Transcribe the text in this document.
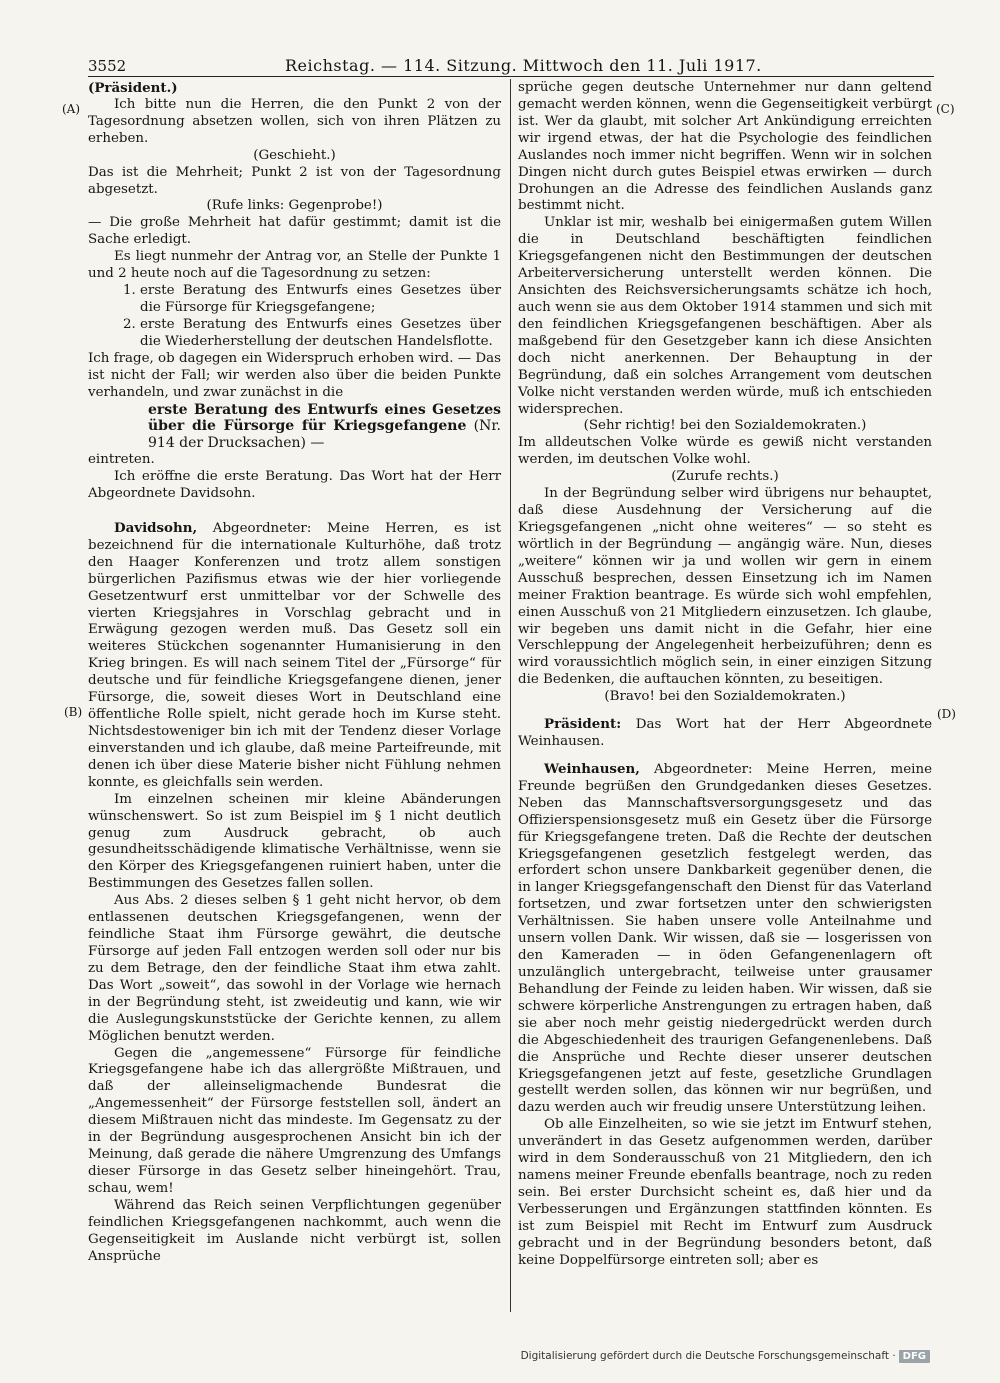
3552	Reichstag. — 114. Sitzung. Mittwoch den 11. Juli 1917.
(A)
(B)
(C)
(D)

(Präsident.)

Ich bitte nun die Herren, die den Punkt 2 von der Tagesordnung absetzen wollen, sich von ihren Plätzen zu erheben.

(Geschieht.)

Das ist die Mehrheit; Punkt 2 ist von der Tagesordnung abgesetzt.

(Rufe links: Gegenprobe!)

— Die große Mehrheit hat dafür gestimmt; damit ist die Sache erledigt.

Es liegt nunmehr der Antrag vor, an Stelle der Punkte 1 und 2 heute noch auf die Tagesordnung zu setzen:

1. erste Beratung des Entwurfs eines Gesetzes über die Fürsorge für Kriegsgefangene;
2. erste Beratung des Entwurfs eines Gesetzes über die Wiederherstellung der deutschen Handelsflotte.

Ich frage, ob dagegen ein Widerspruch erhoben wird. — Das ist nicht der Fall; wir werden also über die beiden Punkte verhandeln, und zwar zunächst in die

erste Beratung des Entwurfs eines Gesetzes über die Fürsorge für Kriegsgefangene (Nr. 914 der Drucksachen) —

eintreten.

Ich eröffne die erste Beratung. Das Wort hat der Herr Abgeordnete Davidsohn.

Davidsohn, Abgeordneter: Meine Herren, es ist bezeichnend für die internationale Kulturhöhe, daß trotz den Haager Konferenzen und trotz allem sonstigen bürgerlichen Pazifismus etwas wie der hier vorliegende Gesetzentwurf erst unmittelbar vor der Schwelle des vierten Kriegsjahres in Vorschlag gebracht und in Erwägung gezogen werden muß. Das Gesetz soll ein weiteres Stückchen sogenannter Humanisierung in den Krieg bringen. Es will nach seinem Titel der „Fürsorge“ für deutsche und für feindliche Kriegsgefangene dienen, jener Fürsorge, die, soweit dieses Wort in Deutschland eine öffentliche Rolle spielt, nicht gerade hoch im Kurse steht. Nichtsdestoweniger bin ich mit der Tendenz dieser Vorlage einverstanden und ich glaube, daß meine Parteifreunde, mit denen ich über diese Materie bisher nicht Fühlung nehmen konnte, es gleichfalls sein werden.

Im einzelnen scheinen mir kleine Abänderungen wünschenswert. So ist zum Beispiel im § 1 nicht deutlich genug zum Ausdruck gebracht, ob auch gesundheitsschädigende klimatische Verhältnisse, wenn sie den Körper des Kriegsgefangenen ruiniert haben, unter die Bestimmungen des Gesetzes fallen sollen.

Aus Abs. 2 dieses selben § 1 geht nicht hervor, ob dem entlassenen deutschen Kriegsgefangenen, wenn der feindliche Staat ihm Fürsorge gewährt, die deutsche Fürsorge auf jeden Fall entzogen werden soll oder nur bis zu dem Betrage, den der feindliche Staat ihm etwa zahlt. Das Wort „soweit“, das sowohl in der Vorlage wie hernach in der Begründung steht, ist zweideutig und kann, wie wir die Auslegungskunststücke der Gerichte kennen, zu allem Möglichen benutzt werden.

Gegen die „angemessene“ Fürsorge für feindliche Kriegsgefangene habe ich das allergrößte Mißtrauen, und daß der alleinseligmachende Bundesrat die „Angemessenheit“ der Fürsorge feststellen soll, ändert an diesem Mißtrauen nicht das mindeste. Im Gegensatz zu der in der Begründung ausgesprochenen Ansicht bin ich der Meinung, daß gerade die nähere Umgrenzung des Umfangs dieser Fürsorge in das Gesetz selber hineingehört. Trau, schau, wem!

Während das Reich seinen Verpflichtungen gegenüber feindlichen Kriegsgefangenen nachkommt, auch wenn die Gegenseitigkeit im Auslande nicht verbürgt ist, sollen Ansprüche

sprüche gegen deutsche Unternehmer nur dann geltend gemacht werden können, wenn die Gegenseitigkeit verbürgt ist. Wer da glaubt, mit solcher Art Ankündigung erreichten wir irgend etwas, der hat die Psychologie des feindlichen Auslandes noch immer nicht begriffen. Wenn wir in solchen Dingen nicht durch gutes Beispiel etwas erwirken — durch Drohungen an die Adresse des feindlichen Auslands ganz bestimmt nicht.

Unklar ist mir, weshalb bei einigermaßen gutem Willen die in Deutschland beschäftigten feindlichen Kriegsgefangenen nicht den Bestimmungen der deutschen Arbeiterversicherung unterstellt werden können. Die Ansichten des Reichsversicherungsamts schätze ich hoch, auch wenn sie aus dem Oktober 1914 stammen und sich mit den feindlichen Kriegsgefangenen beschäftigen. Aber als maßgebend für den Gesetzgeber kann ich diese Ansichten doch nicht anerkennen. Der Behauptung in der Begründung, daß ein solches Arrangement vom deutschen Volke nicht verstanden werden würde, muß ich entschieden widersprechen.

(Sehr richtig! bei den Sozialdemokraten.)

Im alldeutschen Volke würde es gewiß nicht verstanden werden, im deutschen Volke wohl.

(Zurufe rechts.)

In der Begründung selber wird übrigens nur behauptet, daß diese Ausdehnung der Versicherung auf die Kriegsgefangenen „nicht ohne weiteres“ — so steht es wörtlich in der Begründung — angängig wäre. Nun, dieses „weitere“ können wir ja und wollen wir gern in einem Ausschuß besprechen, dessen Einsetzung ich im Namen meiner Fraktion beantrage. Es würde sich wohl empfehlen, einen Ausschuß von 21 Mitgliedern einzusetzen. Ich glaube, wir begeben uns damit nicht in die Gefahr, hier eine Verschleppung der Angelegenheit herbeizuführen; denn es wird voraussichtlich möglich sein, in einer einzigen Sitzung die Bedenken, die auftauchen könnten, zu beseitigen.

(Bravo! bei den Sozialdemokraten.)

Präsident: Das Wort hat der Herr Abgeordnete Weinhausen.

Weinhausen, Abgeordneter: Meine Herren, meine Freunde begrüßen den Grundgedanken dieses Gesetzes. Neben das Mannschaftsversorgungsgesetz und das Offizierspensionsgesetz muß ein Gesetz über die Fürsorge für Kriegsgefangene treten. Daß die Rechte der deutschen Kriegsgefangenen gesetzlich festgelegt werden, das erfordert schon unsere Dankbarkeit gegenüber denen, die in langer Kriegsgefangenschaft den Dienst für das Vaterland fortsetzen, und zwar fortsetzen unter den schwierigsten Verhältnissen. Sie haben unsere volle Anteilnahme und unsern vollen Dank. Wir wissen, daß sie — losgerissen von den Kameraden — in öden Gefangenenlagern oft unzulänglich untergebracht, teilweise unter grausamer Behandlung der Feinde zu leiden haben. Wir wissen, daß sie schwere körperliche Anstrengungen zu ertragen haben, daß sie aber noch mehr geistig niedergedrückt werden durch die Abgeschiedenheit des traurigen Gefangenenlebens. Daß die Ansprüche und Rechte dieser unserer deutschen Kriegsgefangenen jetzt auf feste, gesetzliche Grundlagen gestellt werden sollen, das können wir nur begrüßen, und dazu werden auch wir freudig unsere Unterstützung leihen.

Ob alle Einzelheiten, so wie sie jetzt im Entwurf stehen, unverändert in das Gesetz aufgenommen werden, darüber wird in dem Sonderausschuß von 21 Mitgliedern, den ich namens meiner Freunde ebenfalls beantrage, noch zu reden sein. Bei erster Durchsicht scheint es, daß hier und da Verbesserungen und Ergänzungen stattfinden könnten. Es ist zum Beispiel mit Recht im Entwurf zum Ausdruck gebracht und in der Begründung besonders betont, daß keine Doppelfürsorge eintreten soll; aber es

Digitalisierung gefördert durch die Deutsche Forschungsgemeinschaft · DFG
